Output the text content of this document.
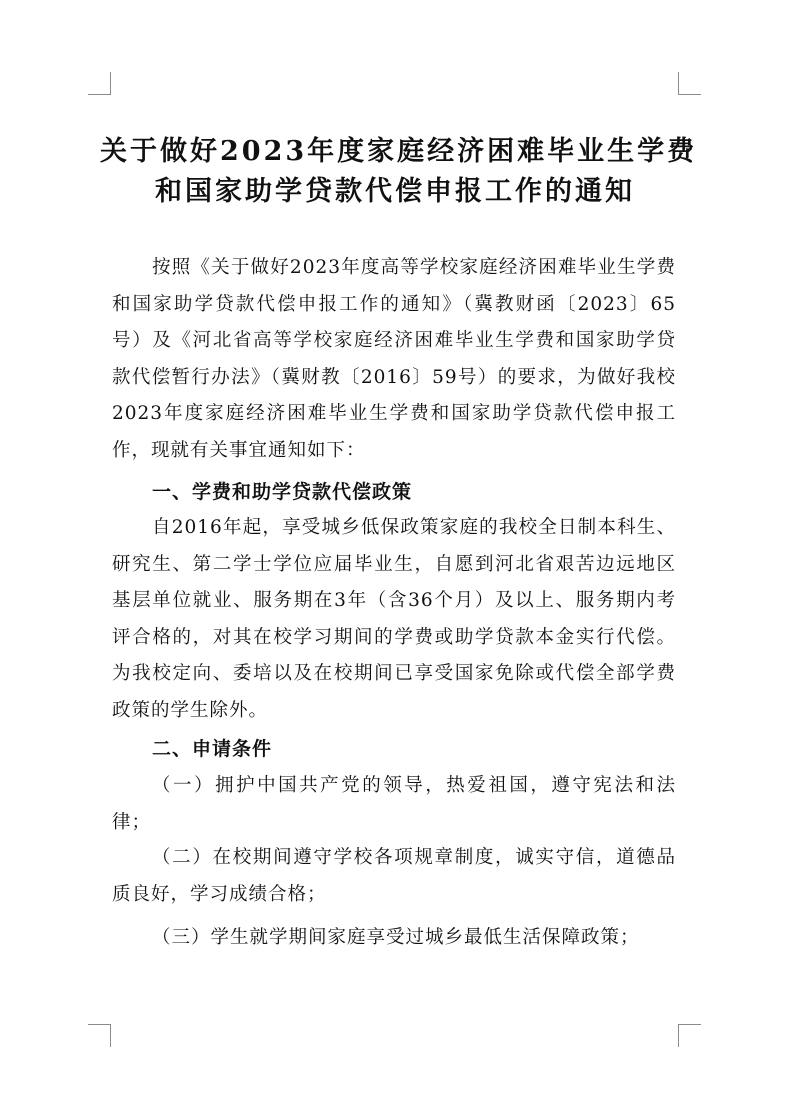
关于做好2023年度家庭经济困难毕业生学费
和国家助学贷款代偿申报工作的通知

按照《关于做好2023年度高等学校家庭经济困难毕业生学费和国家助学贷款代偿申报工作的通知》（冀教财函〔2023〕65号）及《河北省高等学校家庭经济困难毕业生学费和国家助学贷款代偿暂行办法》（冀财教〔2016〕59号）的要求，为做好我校2023年度家庭经济困难毕业生学费和国家助学贷款代偿申报工作，现就有关事宜通知如下：

一、学费和助学贷款代偿政策

自2016年起，享受城乡低保政策家庭的我校全日制本科生、研究生、第二学士学位应届毕业生，自愿到河北省艰苦边远地区基层单位就业、服务期在3年（含36个月）及以上、服务期内考评合格的，对其在校学习期间的学费或助学贷款本金实行代偿。为我校定向、委培以及在校期间已享受国家免除或代偿全部学费政策的学生除外。

二、申请条件

（一）拥护中国共产党的领导，热爱祖国，遵守宪法和法律；

（二）在校期间遵守学校各项规章制度，诚实守信，道德品质良好，学习成绩合格；

（三）学生就学期间家庭享受过城乡最低生活保障政策；
